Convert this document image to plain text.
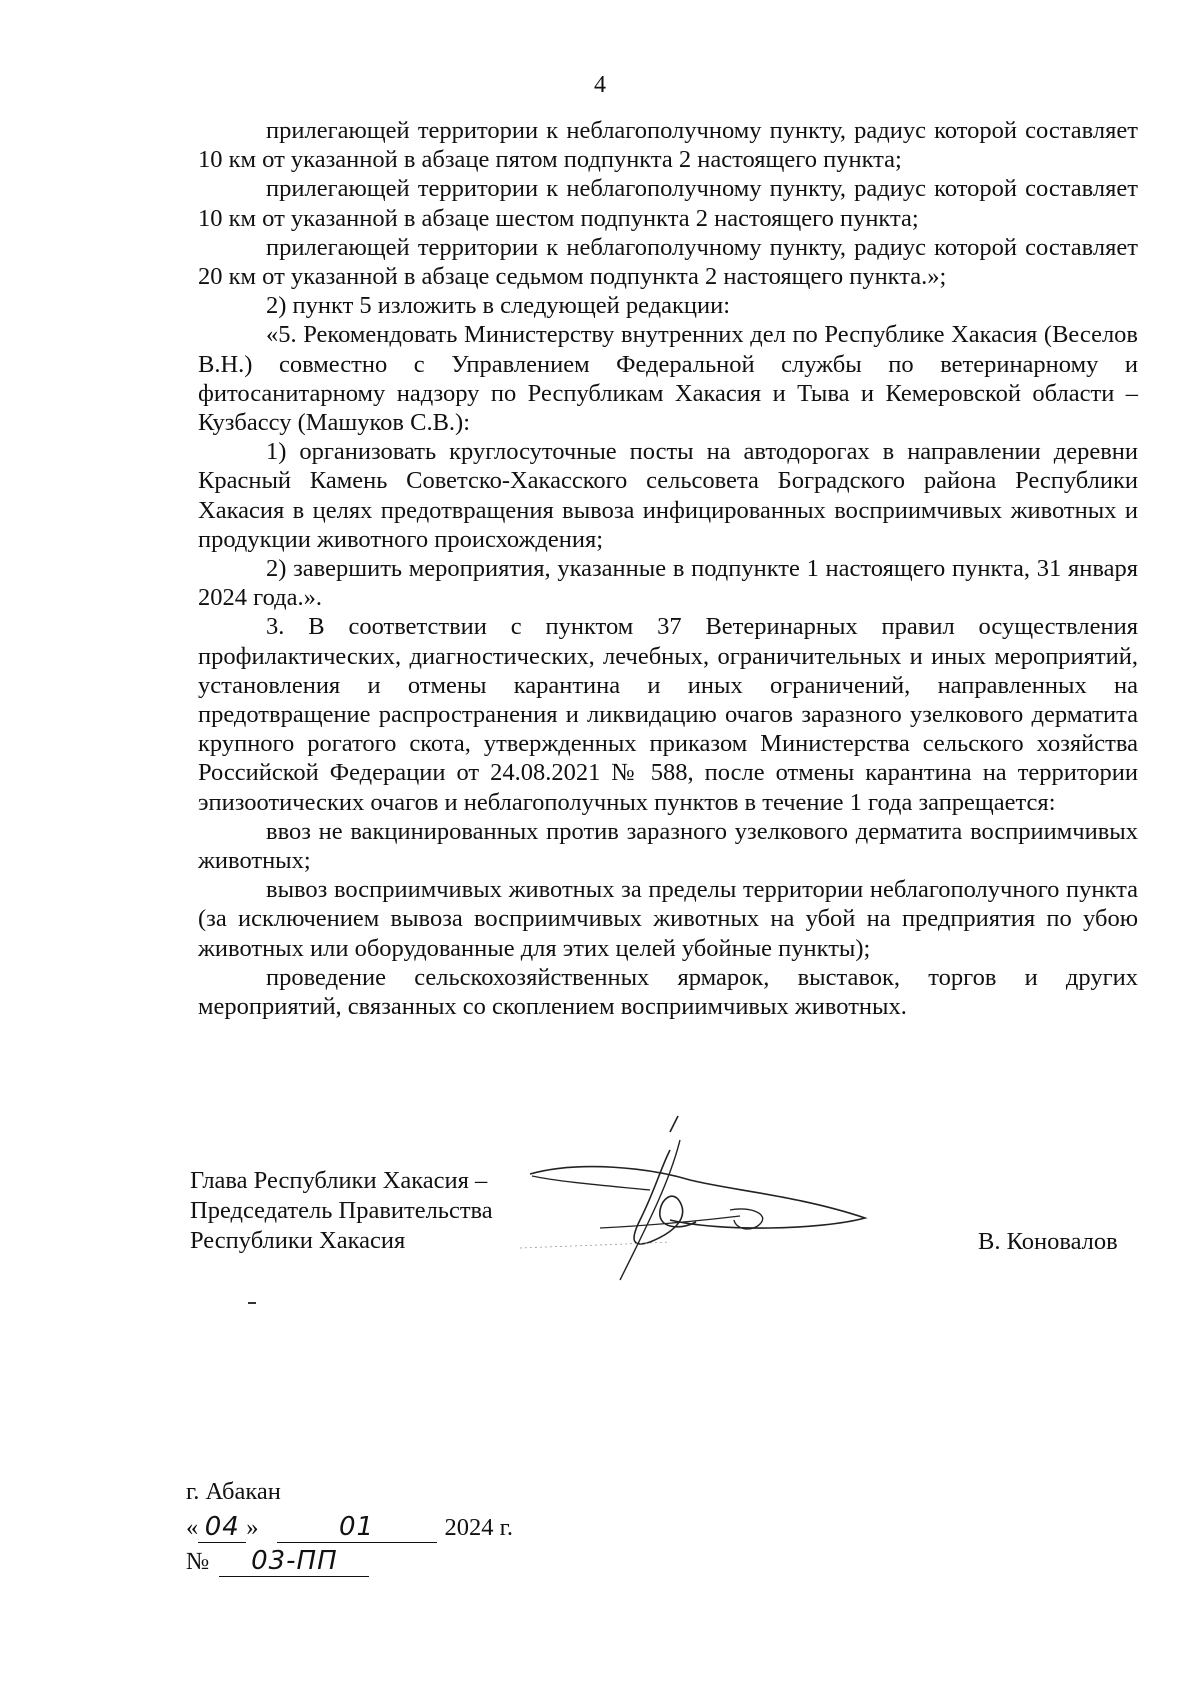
4

прилегающей территории к неблагополучному пункту, радиус которой составляет 10 км от указанной в абзаце пятом подпункта 2 настоящего пункта;

прилегающей территории к неблагополучному пункту, радиус которой составляет 10 км от указанной в абзаце шестом подпункта 2 настоящего пункта;

прилегающей территории к неблагополучному пункту, радиус которой составляет 20 км от указанной в абзаце седьмом подпункта 2 настоящего пункта.»;

2) пункт 5 изложить в следующей редакции:

«5. Рекомендовать Министерству внутренних дел по Республике Хакасия (Веселов В.Н.) совместно с Управлением Федеральной службы по ветеринарному и фитосанитарному надзору по Республикам Хакасия и Тыва и Кемеровской области – Кузбассу (Машуков С.В.):

1) организовать круглосуточные посты на автодорогах в направлении деревни Красный Камень Советско-Хакасского сельсовета Боградского района Республики Хакасия в целях предотвращения вывоза инфицированных восприимчивых животных и продукции животного происхождения;

2) завершить мероприятия, указанные в подпункте 1 настоящего пункта, 31 января 2024 года.».

3. В соответствии с пунктом 37 Ветеринарных правил осуществления профилактических, диагностических, лечебных, ограничительных и иных мероприятий, установления и отмены карантина и иных ограничений, направленных на предотвращение распространения и ликвидацию очагов заразного узелкового дерматита крупного рогатого скота, утвержденных приказом Министерства сельского хозяйства Российской Федерации от 24.08.2021 № 588, после отмены карантина на территории эпизоотических очагов и неблагополучных пунктов в течение 1 года запрещается:

ввоз не вакцинированных против заразного узелкового дерматита восприимчивых животных;

вывоз восприимчивых животных за пределы территории неблагополучного пункта (за исключением вывоза восприимчивых животных на убой на предприятия по убою животных или оборудованные для этих целей убойные пункты);

проведение сельскохозяйственных ярмарок, выставок, торгов и других мероприятий, связанных со скоплением восприимчивых животных.

Глава Республики Хакасия –
Председатель Правительства
Республики Хакасия	В. Коновалов
г. Абакан
« 04 »	01	2024 г.
№ 03-ПП
